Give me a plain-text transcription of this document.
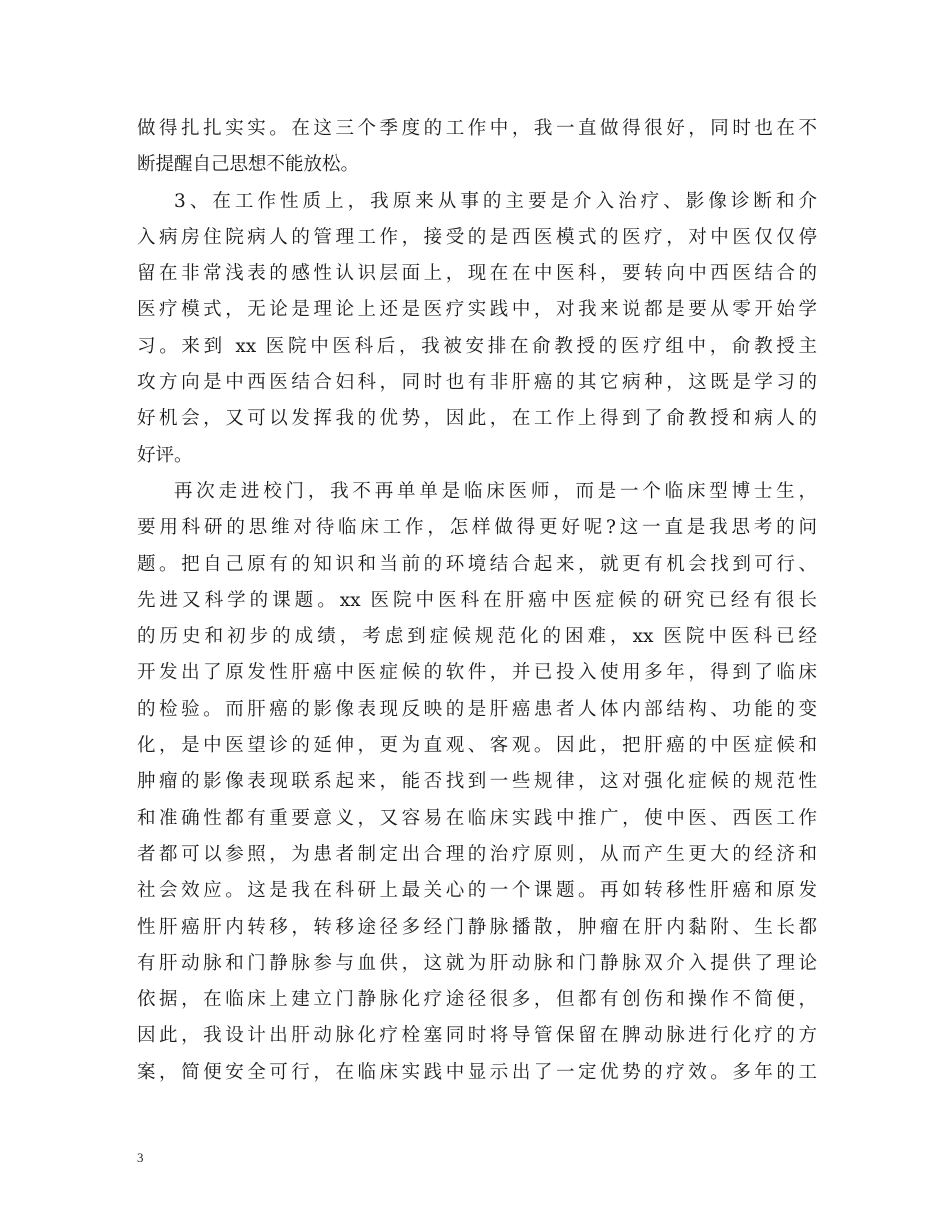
做得扎扎实实。在这三个季度的工作中，我一直做得很好，同时也在不
断提醒自己思想不能放松。
3、在工作性质上，我原来从事的主要是介入治疗、影像诊断和介
入病房住院病人的管理工作，接受的是西医模式的医疗，对中医仅仅停
留在非常浅表的感性认识层面上，现在在中医科，要转向中西医结合的
医疗模式，无论是理论上还是医疗实践中，对我来说都是要从零开始学
习。来到 xx 医院中医科后，我被安排在俞教授的医疗组中，俞教授主
攻方向是中西医结合妇科，同时也有非肝癌的其它病种，这既是学习的
好机会，又可以发挥我的优势，因此，在工作上得到了俞教授和病人的
好评。
再次走进校门，我不再单单是临床医师，而是一个临床型博士生，
要用科研的思维对待临床工作，怎样做得更好呢?这一直是我思考的问
题。把自己原有的知识和当前的环境结合起来，就更有机会找到可行、
先进又科学的课题。xx 医院中医科在肝癌中医症候的研究已经有很长
的历史和初步的成绩，考虑到症候规范化的困难，xx 医院中医科已经
开发出了原发性肝癌中医症候的软件，并已投入使用多年，得到了临床
的检验。而肝癌的影像表现反映的是肝癌患者人体内部结构、功能的变
化，是中医望诊的延伸，更为直观、客观。因此，把肝癌的中医症候和
肿瘤的影像表现联系起来，能否找到一些规律，这对强化症候的规范性
和准确性都有重要意义，又容易在临床实践中推广，使中医、西医工作
者都可以参照，为患者制定出合理的治疗原则，从而产生更大的经济和
社会效应。这是我在科研上最关心的一个课题。再如转移性肝癌和原发
性肝癌肝内转移，转移途径多经门静脉播散，肿瘤在肝内黏附、生长都
有肝动脉和门静脉参与血供，这就为肝动脉和门静脉双介入提供了理论
依据，在临床上建立门静脉化疗途径很多，但都有创伤和操作不简便，
因此，我设计出肝动脉化疗栓塞同时将导管保留在脾动脉进行化疗的方
案，简便安全可行，在临床实践中显示出了一定优势的疗效。多年的工
3
